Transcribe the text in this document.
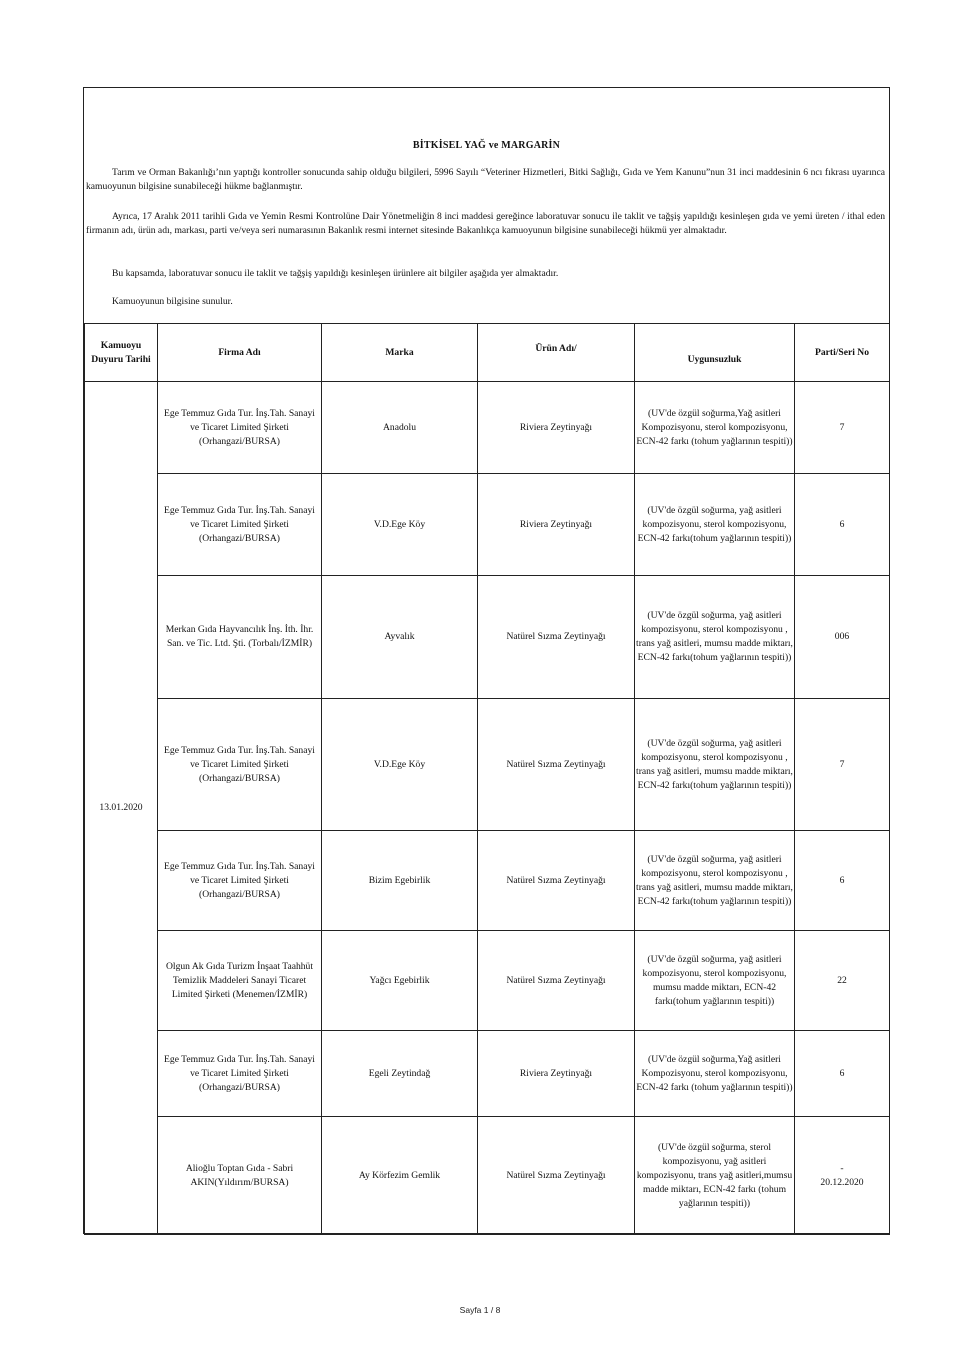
BİTKİSEL YAĞ ve MARGARİN

Tarım ve Orman Bakanlığı’nın yaptığı kontroller sonucunda sahip olduğu bilgileri, 5996 Sayılı “Veteriner Hizmetleri, Bitki Sağlığı, Gıda ve Yem Kanunu”nun 31 inci maddesinin 6 ncı fıkrası uyarınca kamuoyunun bilgisine sunabileceği hükme bağlanmıştır.

Ayrıca, 17 Aralık 2011 tarihli Gıda ve Yemin Resmi Kontrolüne Dair Yönetmeliğin 8 inci maddesi gereğince laboratuvar sonucu ile taklit ve tağşiş yapıldığı kesinleşen gıda ve yemi üreten / ithal eden firmanın adı, ürün adı, markası, parti ve/veya seri numarasının Bakanlık resmi internet sitesinde Bakanlıkça kamuoyunun bilgisine sunabileceği hükmü yer almaktadır.

Bu kapsamda, laboratuvar sonucu ile taklit ve tağşiş yapıldığı kesinleşen ürünlere ait bilgiler aşağıda yer almaktadır.

Kamuoyunun bilgisine sunulur.

Kamuoyu Duyuru Tarihi	Firma Adı	Marka	Ürün Adı/	Uygunsuzluk	Parti/Seri No
13.01.2020	Ege Temmuz Gıda Tur. İnş.Tah. Sanayi ve Ticaret Limited Şirketi (Orhangazi/BURSA)	Anadolu	Riviera Zeytinyağı	(UV'de özgül soğurma,Yağ asitleri Kompozisyonu, sterol kompozisyonu, ECN-42 farkı (tohum yağlarının tespiti))	7
	Ege Temmuz Gıda Tur. İnş.Tah. Sanayi ve Ticaret Limited Şirketi (Orhangazi/BURSA)	V.D.Ege Köy	Riviera Zeytinyağı	(UV'de özgül soğurma, yağ asitleri kompozisyonu, sterol kompozisyonu, ECN-42 farkı(tohum yağlarının tespiti))	6
	Merkan Gıda Hayvancılık İnş. İth. İhr. San. ve Tic. Ltd. Şti. (Torbalı/İZMİR)	Ayvalık	Natürel Sızma Zeytinyağı	(UV'de özgül soğurma, yağ asitleri kompozisyonu, sterol kompozisyonu , trans yağ asitleri, mumsu madde miktarı, ECN-42 farkı(tohum yağlarının tespiti))	006
	Ege Temmuz Gıda Tur. İnş.Tah. Sanayi ve Ticaret Limited Şirketi (Orhangazi/BURSA)	V.D.Ege Köy	Natürel Sızma Zeytinyağı	(UV'de özgül soğurma, yağ asitleri kompozisyonu, sterol kompozisyonu , trans yağ asitleri, mumsu madde miktarı, ECN-42 farkı(tohum yağlarının tespiti))	7
	Ege Temmuz Gıda Tur. İnş.Tah. Sanayi ve Ticaret Limited Şirketi (Orhangazi/BURSA)	Bizim Egebirlik	Natürel Sızma Zeytinyağı	(UV'de özgül soğurma, yağ asitleri kompozisyonu, sterol kompozisyonu , trans yağ asitleri, mumsu madde miktarı, ECN-42 farkı(tohum yağlarının tespiti))	6
	Olgun Ak Gıda Turizm İnşaat Taahhüt Temizlik Maddeleri Sanayi Ticaret Limited Şirketi (Menemen/İZMİR)	Yağcı Egebirlik	Natürel Sızma Zeytinyağı	(UV'de özgül soğurma, yağ asitleri kompozisyonu, sterol kompozisyonu, mumsu madde miktarı, ECN-42 farkı(tohum yağlarının tespiti))	22
	Ege Temmuz Gıda Tur. İnş.Tah. Sanayi ve Ticaret Limited Şirketi (Orhangazi/BURSA)	Egeli Zeytindağ	Riviera Zeytinyağı	(UV'de özgül soğurma,Yağ asitleri Kompozisyonu, sterol kompozisyonu, ECN-42 farkı (tohum yağlarının tespiti))	6
	Alioğlu Toptan Gıda - Sabri AKIN(Yıldırım/BURSA)	Ay Körfezim Gemlik	Natürel Sızma Zeytinyağı	(UV'de özgül soğurma, sterol kompozisyonu, yağ asitleri kompozisyonu, trans yağ asitleri,mumsu madde miktarı, ECN-42 farkı (tohum yağlarının tespiti))	-
20.12.2020
Sayfa 1 / 8
